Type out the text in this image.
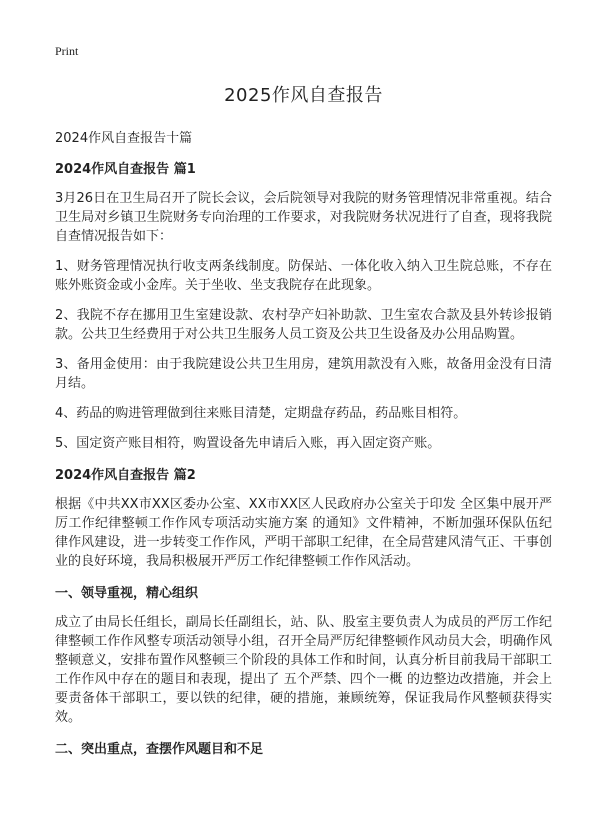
Print
2025作风自查报告

2024作风自查报告十篇

2024作风自查报告 篇1

3月26日在卫生局召开了院长会议，会后院领导对我院的财务管理情况非常重视。结合卫生局对乡镇卫生院财务专向治理的工作要求，对我院财务状况进行了自查，现将我院自查情况报告如下：

1、财务管理情况执行收支两条线制度。防保站、一体化收入纳入卫生院总账，不存在账外账资金或小金库。关于坐收、坐支我院存在此现象。

2、我院不存在挪用卫生室建设款、农村孕产妇补助款、卫生室农合款及县外转诊报销款。公共卫生经费用于对公共卫生服务人员工资及公共卫生设备及办公用品购置。

3、备用金使用：由于我院建设公共卫生用房，建筑用款没有入账，故备用金没有日清月结。

4、药品的购进管理做到往来账目清楚，定期盘存药品，药品账目相符。

5、国定资产账目相符，购置设备先申请后入账，再入固定资产账。

2024作风自查报告 篇2

根据《中共XX市XX区委办公室、XX市XX区人民政府办公室关于印发 全区集中展开严厉工作纪律整顿工作作风专项活动实施方案 的通知》文件精神，不断加强环保队伍纪律作风建设，进一步转变工作作风，严明干部职工纪律，在全局营建风清气正、干事创业的良好环境，我局积极展开严厉工作纪律整顿工作作风活动。

一、领导重视，精心组织

成立了由局长任组长，副局长任副组长，站、队、股室主要负责人为成员的严厉工作纪律整顿工作作风整专项活动领导小组，召开全局严厉纪律整顿作风动员大会，明确作风整顿意义，安排布置作风整顿三个阶段的具体工作和时间，认真分析目前我局干部职工工作作风中存在的题目和表现，提出了 五个严禁、四个一概 的边整边改措施，并会上要责备体干部职工，要以铁的纪律，硬的措施，兼顾统筹，保证我局作风整顿获得实效。

二、突出重点，查摆作风题目和不足
